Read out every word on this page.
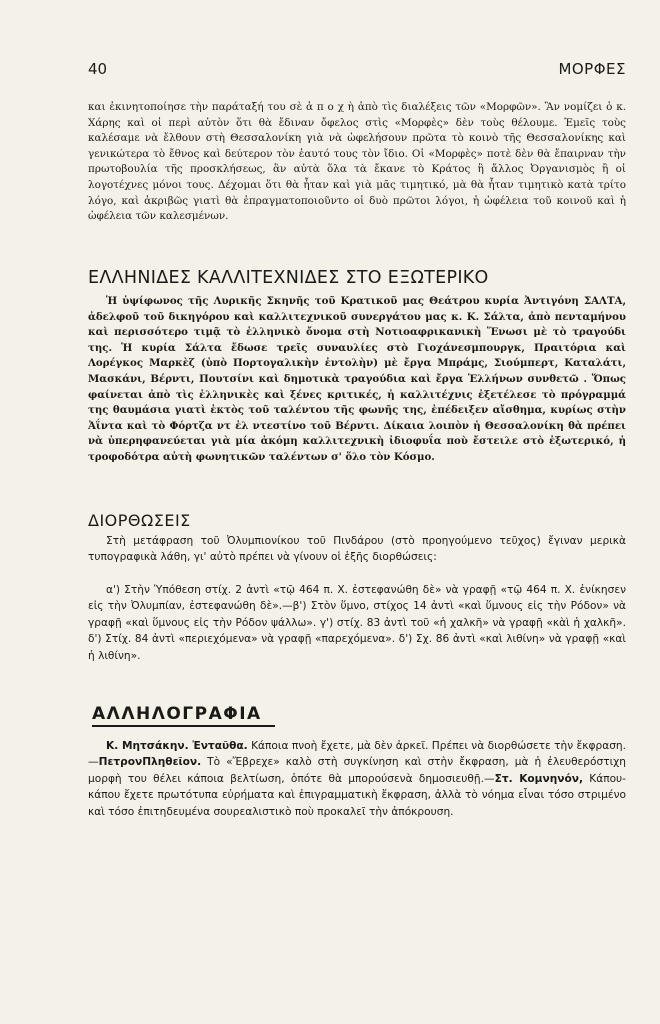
40	ΜΟΡΦΕΣ

και ἐκινητοποίησε τὴν παράταξή του σὲ ἀ π ο χ ὴ ἀπὸ τὶς διαλέξεις τῶν «Μορφῶν». Ἂν νομίζει ὁ κ. Χάρης καὶ οἱ περὶ αὐτὸν ὅτι θὰ ἔδιναν ὄφελος στὶς «Μορφὲς» δὲν τοὺς θέλουμε. Ἐμεῖς τοὺς καλέσαμε νὰ ἔλθουν στὴ Θεσσαλονίκη γιὰ νὰ ὠφελήσουν πρῶτα τὸ κοινὸ τῆς Θεσσαλονίκης καὶ γενικώτερα τὸ ἔθνος καὶ δεύτερον τὸν ἑαυτό τους τὸν ἴδιο. Οἱ «Μορφὲς» ποτὲ δὲν θὰ ἔπαιρναν τὴν πρωτοβουλία τῆς προσκλήσεως, ἂν αὐτὰ ὅλα τὰ ἔκανε τὸ Κράτος ἢ ἄλλος Ὀργανισμὸς ἢ οἱ λογοτέχνες μόνοι τους. Δέχομαι ὅτι θὰ ἦταν καὶ γιὰ μᾶς τιμητικό, μὰ θὰ ἦταν τιμητικὸ κατὰ τρίτο λόγο, καὶ ἀκριβῶς γιατὶ θὰ ἐπραγματοποιοῦντο οἱ δυὸ πρῶτοι λόγοι, ἡ ὠφέλεια τοῦ κοινοῦ καὶ ἡ ὠφέλεια τῶν καλεσμένων.

ΕΛΛΗΝΙΔΕΣ ΚΑΛΛΙΤΕΧΝΙΔΕΣ ΣΤΟ ΕΞΩΤΕΡΙΚΟ

Ἡ ὑψίφωνος τῆς Λυρικῆς Σκηνῆς τοῦ Κρατικοῦ μας Θεάτρου κυρία Ἀντιγόνη ΣΑΛΤΑ, ἀδελφοῦ τοῦ δικηγόρου καὶ καλλιτεχνικοῦ συνεργάτου μας κ. Κ. Σάλτα, ἀπὸ πενταμήνου καὶ περισσότερο τιμᾷ τὸ ἑλληνικὸ ὄνομα στὴ Νοτιοαφρικανικὴ Ἕνωσι μὲ τὸ τραγούδι της. Ἡ κυρία Σάλτα ἔδωσε τρεῖς συναυλίες στὸ Γιοχάνεσμπουργκ, Πραιτόρια καὶ Λορέγκος Μαρκὲζ (ὑπὸ Πορτογαλικὴν ἐντολὴν) μὲ ἔργα Μπράμς, Σιούμπερτ, Καταλάτι, Μασκάνι, Βέρντι, Πουτσίνι καὶ δημοτικὰ τραγούδια καὶ ἔργα Ἑλλήνων συνθετῶ . Ὅπως φαίνεται ἀπὸ τὶς ἑλληνικὲς καὶ ξένες κριτικές, ἡ καλλιτέχνις ἐξετέλεσε τὸ πρόγραμμά της θαυμάσια γιατὶ ἐκτὸς τοῦ ταλέντου τῆς φωνῆς της, ἐπέδειξεν αἴσθημα, κυρίως στὴν Ἀΐντα καὶ τὸ Φόρτζα ντ ἐλ ντεστίνο τοῦ Βέρντι. Δίκαια λοιπὸν ἡ Θεσσαλονίκη θὰ πρέπει νὰ ὑπερηφανεύεται γιὰ μία ἀκόμη καλλιτεχνικὴ ἰδιοφυΐα ποὺ ἔστειλε στὸ ἐξωτερικό, ἡ τροφοδότρα αὐτὴ φωνητικῶν ταλέντων σ' ὅλο τὸν Κόσμο.

ΔΙΟΡΘΩΣΕΙΣ

Στὴ μετάφραση τοῦ Ὀλυμπιονίκου τοῦ Πινδάρου (στὸ προηγούμενο τεῦχος) ἔγιναν μερικὰ τυπογραφικὰ λάθη, γι' αὐτὸ πρέπει νὰ γίνουν οἱ ἑξῆς διορθώσεις:

α') Στὴν Ὑπόθεση στίχ. 2 ἀντὶ «τῷ 464 π. Χ. ἐστεφανώθη δὲ» νὰ γραφῇ «τῷ 464 π. Χ. ἐνίκησεν εἰς τὴν Ὀλυμπίαν, ἐστεφανώθη δὲ».—β') Στὸν ὕμνο, στίχος 14 ἀντὶ «καὶ ὕμνους εἰς τὴν Ρόδον» νὰ γραφῇ «καὶ ὕμνους εἰς τὴν Ρόδον ψάλλω». γ') στίχ. 83 ἀντὶ τοῦ «ἡ χαλκῆ» νὰ γραφῇ «κὰὶ ἡ χαλκῆ». δ') Στίχ. 84 ἀντὶ «περιεχόμενα» νὰ γραφῇ «παρεχόμενα». δ') Σχ. 86 ἀντὶ «καὶ λιθίνη» νὰ γραφῇ «καὶ ἡ λιθίνη».

ΑΛΛΗΛΟΓΡΑΦΙΑ

Κ. Μητσάκην. Ἐνταῦθα. Κάποια πνοὴ ἔχετε, μὰ δὲν ἀρκεῖ. Πρέπει νὰ διορθώσετε τὴν ἔκφραση.—ΠετρονΠληθεῖον. Τὸ «Ἔβρεχε» καλὸ στὴ συγκίνηση καὶ στὴν ἔκφραση, μὰ ἡ ἐλευθερόστιχη μορφὴ του θέλει κάποια βελτίωση, ὁπότε θὰ μπορούσενὰ δημοσιευθῇ.—Στ. Κομνηνόν, Κάπου-κάπου ἔχετε πρωτότυπα εὐρήματα καὶ ἐπιγραμματικὴ ἔκφραση, ἀλλὰ τὸ νόημα εἶναι τόσο στριμένο καὶ τόσο ἐπιτηδευμένα σουρεαλιστικὸ ποὺ προκαλεῖ τὴν ἀπόκρουση.
